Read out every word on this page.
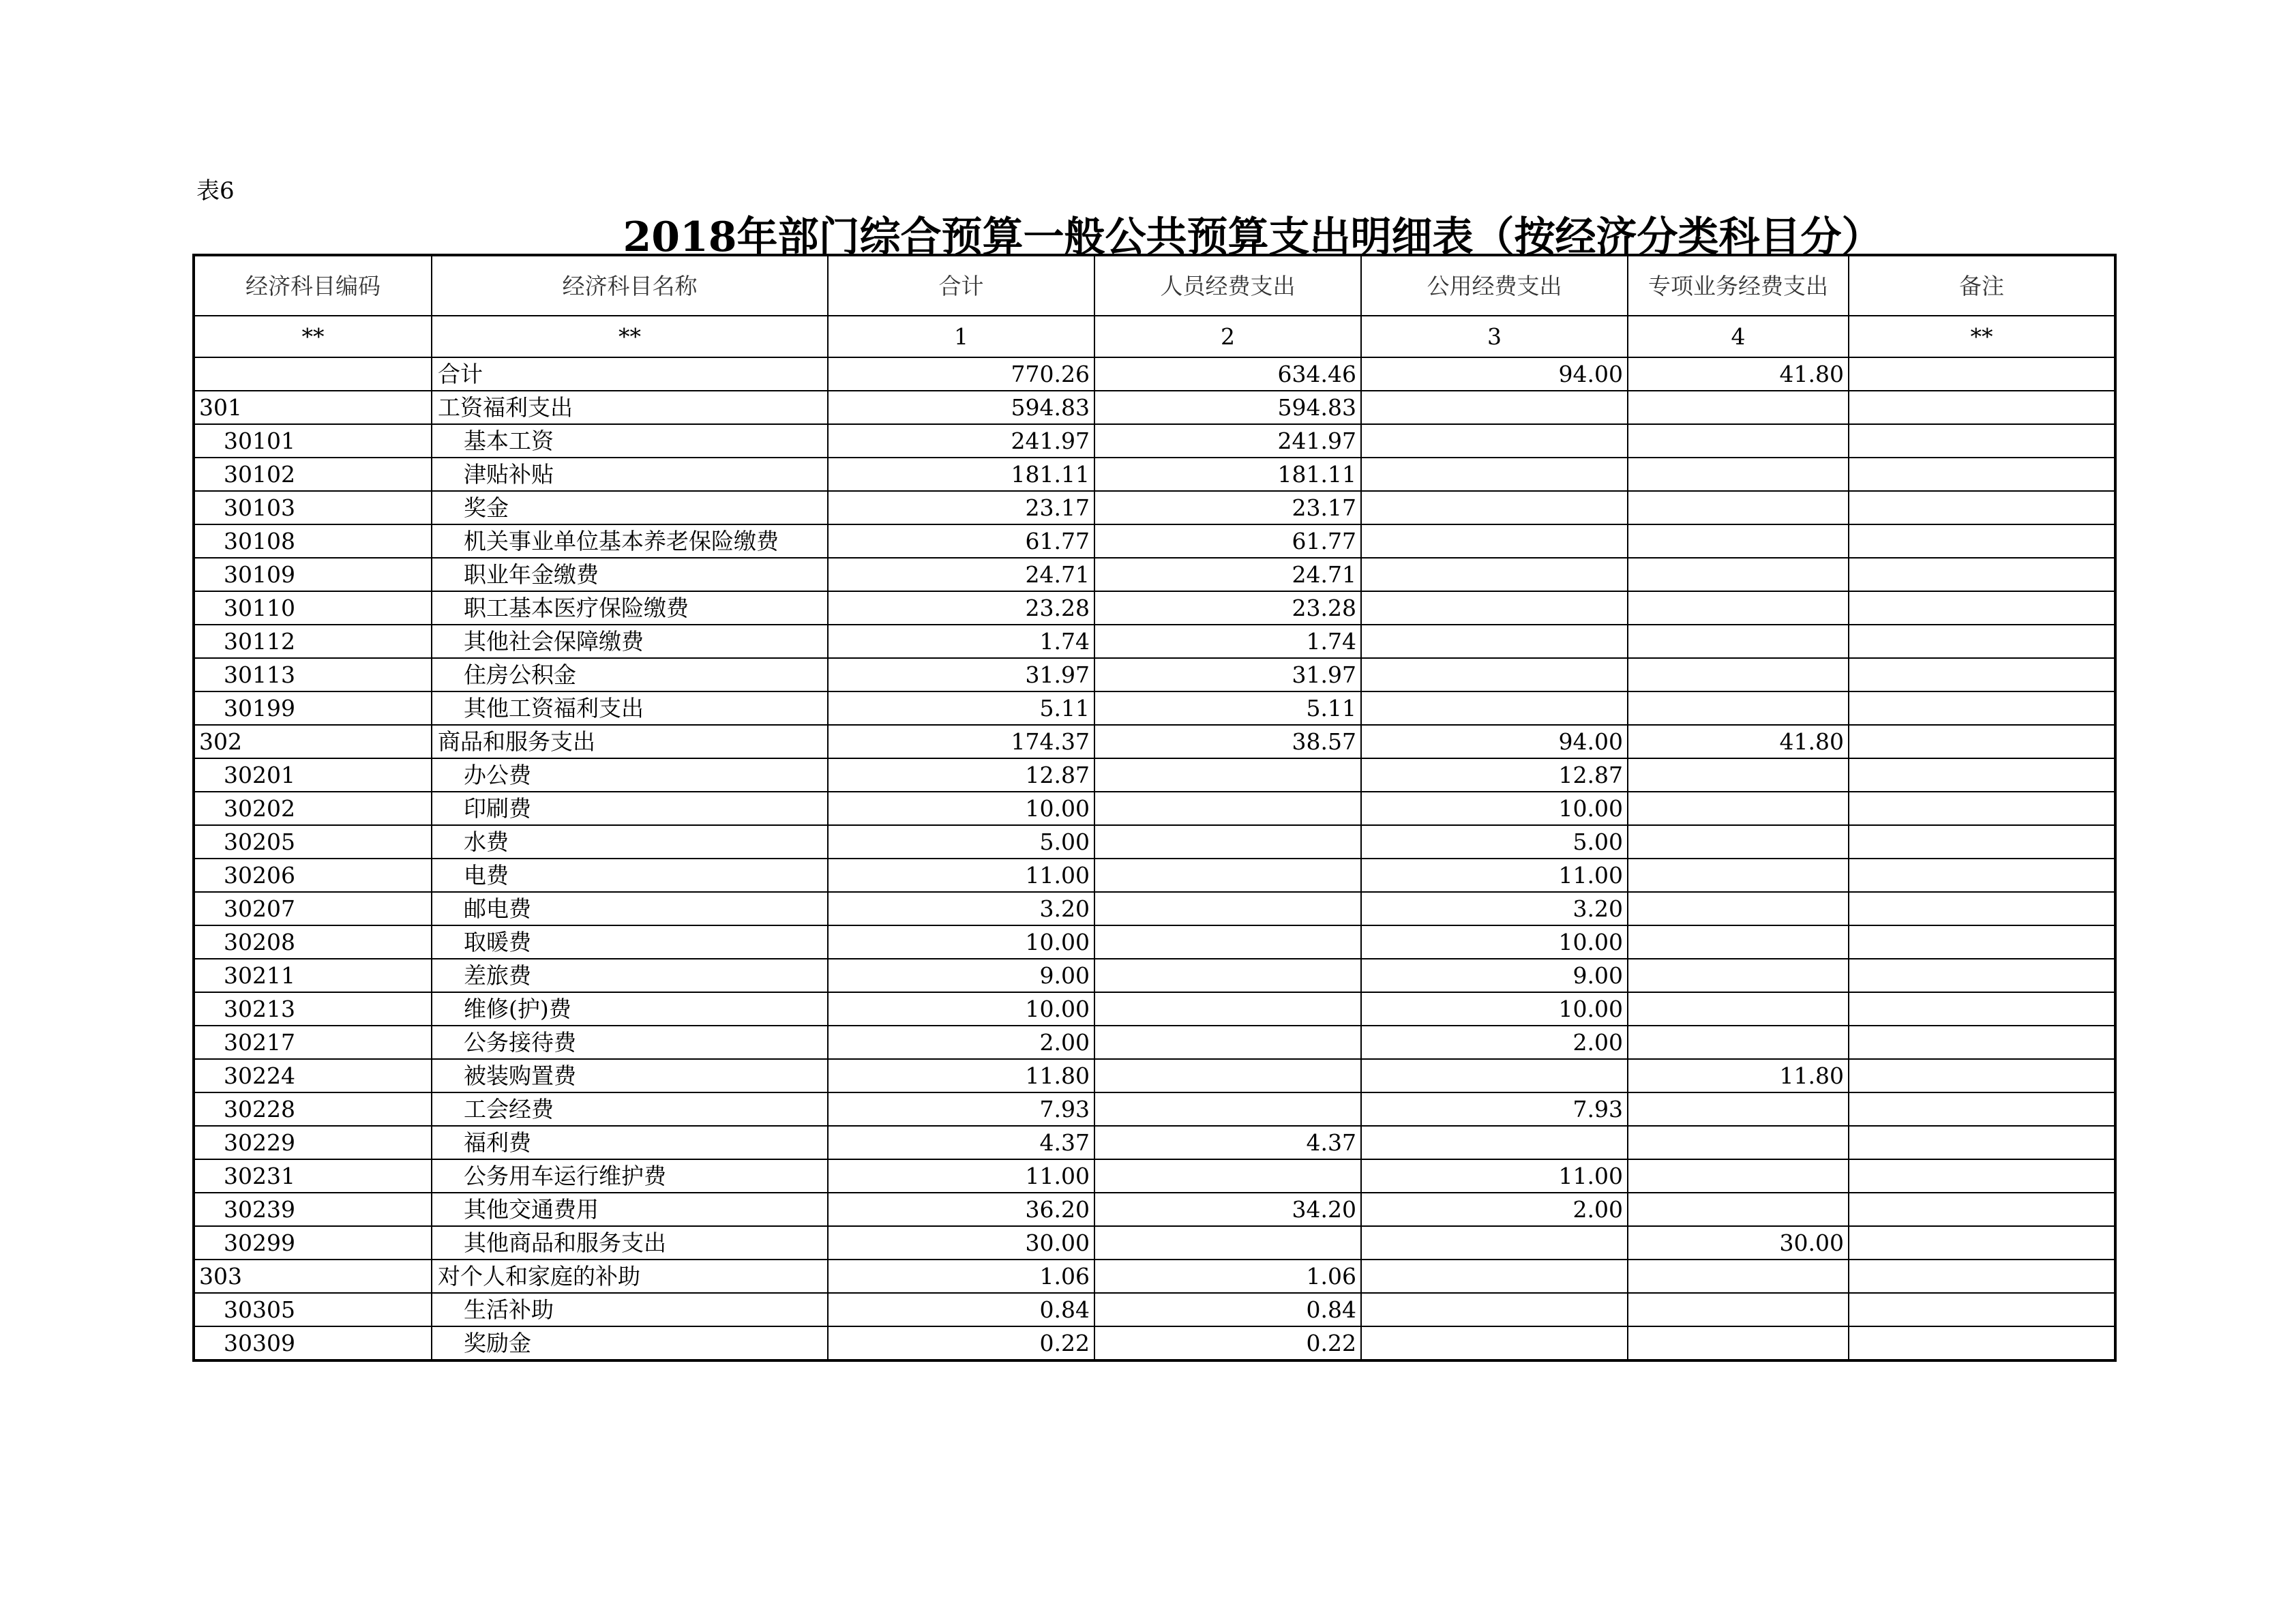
表6
2018年部门综合预算一般公共预算支出明细表（按经济分类科目分）
经济科目编码	经济科目名称	合计	人员经费支出	公用经费支出	专项业务经费支出	备注
**	**	1	2	3	4	**
	合计	770.26	634.46	94.00	41.80	
301	工资福利支出	594.83	594.83			
30101	基本工资	241.97	241.97			
30102	津贴补贴	181.11	181.11			
30103	奖金	23.17	23.17			
30108	机关事业单位基本养老保险缴费	61.77	61.77			
30109	职业年金缴费	24.71	24.71			
30110	职工基本医疗保险缴费	23.28	23.28			
30112	其他社会保障缴费	1.74	1.74			
30113	住房公积金	31.97	31.97			
30199	其他工资福利支出	5.11	5.11			
302	商品和服务支出	174.37	38.57	94.00	41.80	
30201	办公费	12.87		12.87		
30202	印刷费	10.00		10.00		
30205	水费	5.00		5.00		
30206	电费	11.00		11.00		
30207	邮电费	3.20		3.20		
30208	取暖费	10.00		10.00		
30211	差旅费	9.00		9.00		
30213	维修(护)费	10.00		10.00		
30217	公务接待费	2.00		2.00		
30224	被装购置费	11.80			11.80	
30228	工会经费	7.93		7.93		
30229	福利费	4.37	4.37			
30231	公务用车运行维护费	11.00		11.00		
30239	其他交通费用	36.20	34.20	2.00		
30299	其他商品和服务支出	30.00			30.00	
303	对个人和家庭的补助	1.06	1.06			
30305	生活补助	0.84	0.84			
30309	奖励金	0.22	0.22			
